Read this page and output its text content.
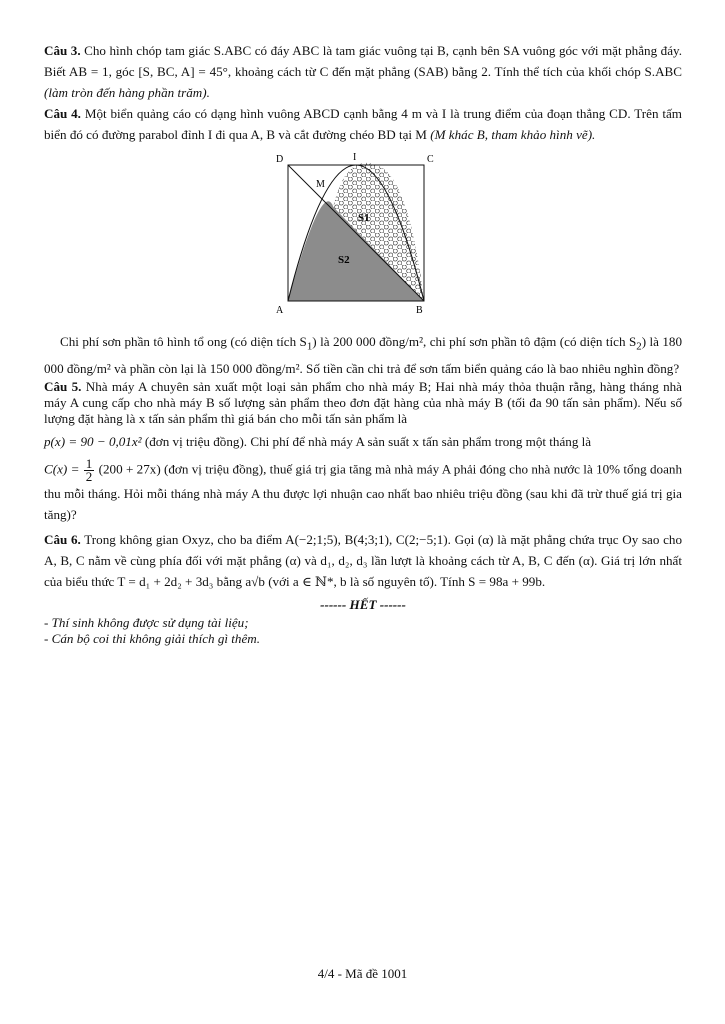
Câu 3. Cho hình chóp tam giác S.ABC có đáy ABC là tam giác vuông tại B, cạnh bên SA vuông góc với mặt phẳng đáy. Biết AB = 1, góc [S, BC, A] = 45°, khoảng cách từ C đến mặt phẳng (SAB) bằng 2. Tính thể tích của khối chóp S.ABC (làm tròn đến hàng phần trăm).

Câu 4. Một biển quảng cáo có dạng hình vuông ABCD cạnh bằng 4 m và I là trung điểm của đoạn thẳng CD. Trên tấm biển đó có đường parabol đỉnh I đi qua A, B và cắt đường chéo BD tại M (M khác B, tham khảo hình vẽ).

D	I	C
M
S1
S2
A	B

Chi phí sơn phần tô hình tổ ong (có diện tích $S_1$) là 200 000 đồng/m², chi phí sơn phần tô đậm (có diện tích $S_2$) là 180 000 đồng/m² và phần còn lại là 150 000 đồng/m². Số tiền cần chi trả để sơn tấm biển quảng cáo là bao nhiêu nghìn đồng?

Câu 5. Nhà máy A chuyên sản xuất một loại sản phẩm cho nhà máy B; Hai nhà máy thỏa thuận rằng, hàng tháng nhà máy A cung cấp cho nhà máy B số lượng sản phẩm theo đơn đặt hàng của nhà máy B (tối đa 90 tấn sản phẩm). Nếu số lượng đặt hàng là x tấn sản phẩm thì giá bán cho mỗi tấn sản phẩm là

p(x) = 90 − 0,01x² (đơn vị triệu đồng). Chi phí để nhà máy A sản suất x tấn sản phẩm trong một tháng là

$C(x) = \frac{1}{2} (200 + 27x)$ (đơn vị triệu đồng), thuế giá trị gia tăng mà nhà máy A phải đóng cho nhà nước là 10% tổng doanh thu mỗi tháng. Hỏi mỗi tháng nhà máy A thu được lợi nhuận cao nhất bao nhiêu triệu đồng (sau khi đã trừ thuế giá trị gia tăng)?

Câu 6. Trong không gian Oxyz, cho ba điểm A(−2;1;5), B(4;3;1), C(2;−5;1). Gọi (α) là mặt phẳng chứa trục Oy sao cho A, B, C nằm về cùng phía đối với mặt phẳng (α) và d₁, d₂, d₃ lần lượt là khoảng cách từ A, B, C đến (α). Giá trị lớn nhất của biểu thức T = d₁ + 2d₂ + 3d₃ bằng a√b (với a ∈ ℕ*, b là số nguyên tố). Tính S = 98a + 99b.

------ HẾT ------

- Thí sinh không được sử dụng tài liệu;

- Cán bộ coi thi không giải thích gì thêm.

4/4 - Mã đề 1001
